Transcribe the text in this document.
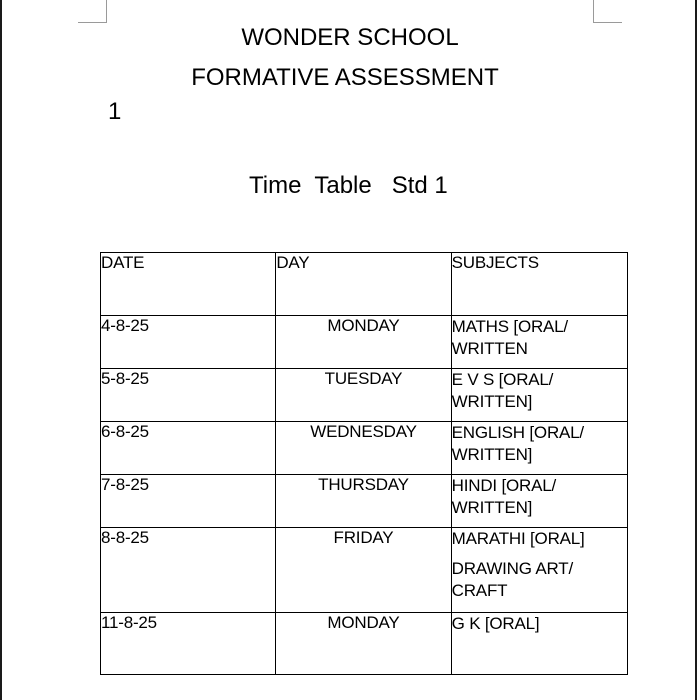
WONDER SCHOOL
FORMATIVE ASSESSMENT
1
Time  Table   Std 1
DATE	DAY	SUBJECTS
4-8-25	MONDAY	MATHS [ORAL/
WRITTEN

5-8-25	TUESDAY	E V S [ORAL/
WRITTEN]

6-8-25	WEDNESDAY	ENGLISH [ORAL/
WRITTEN]

7-8-25	THURSDAY	HINDI [ORAL/
WRITTEN]

8-8-25	FRIDAY	MARATHI [ORAL]
DRAWING ART/
CRAFT

11-8-25	MONDAY	G K [ORAL]
